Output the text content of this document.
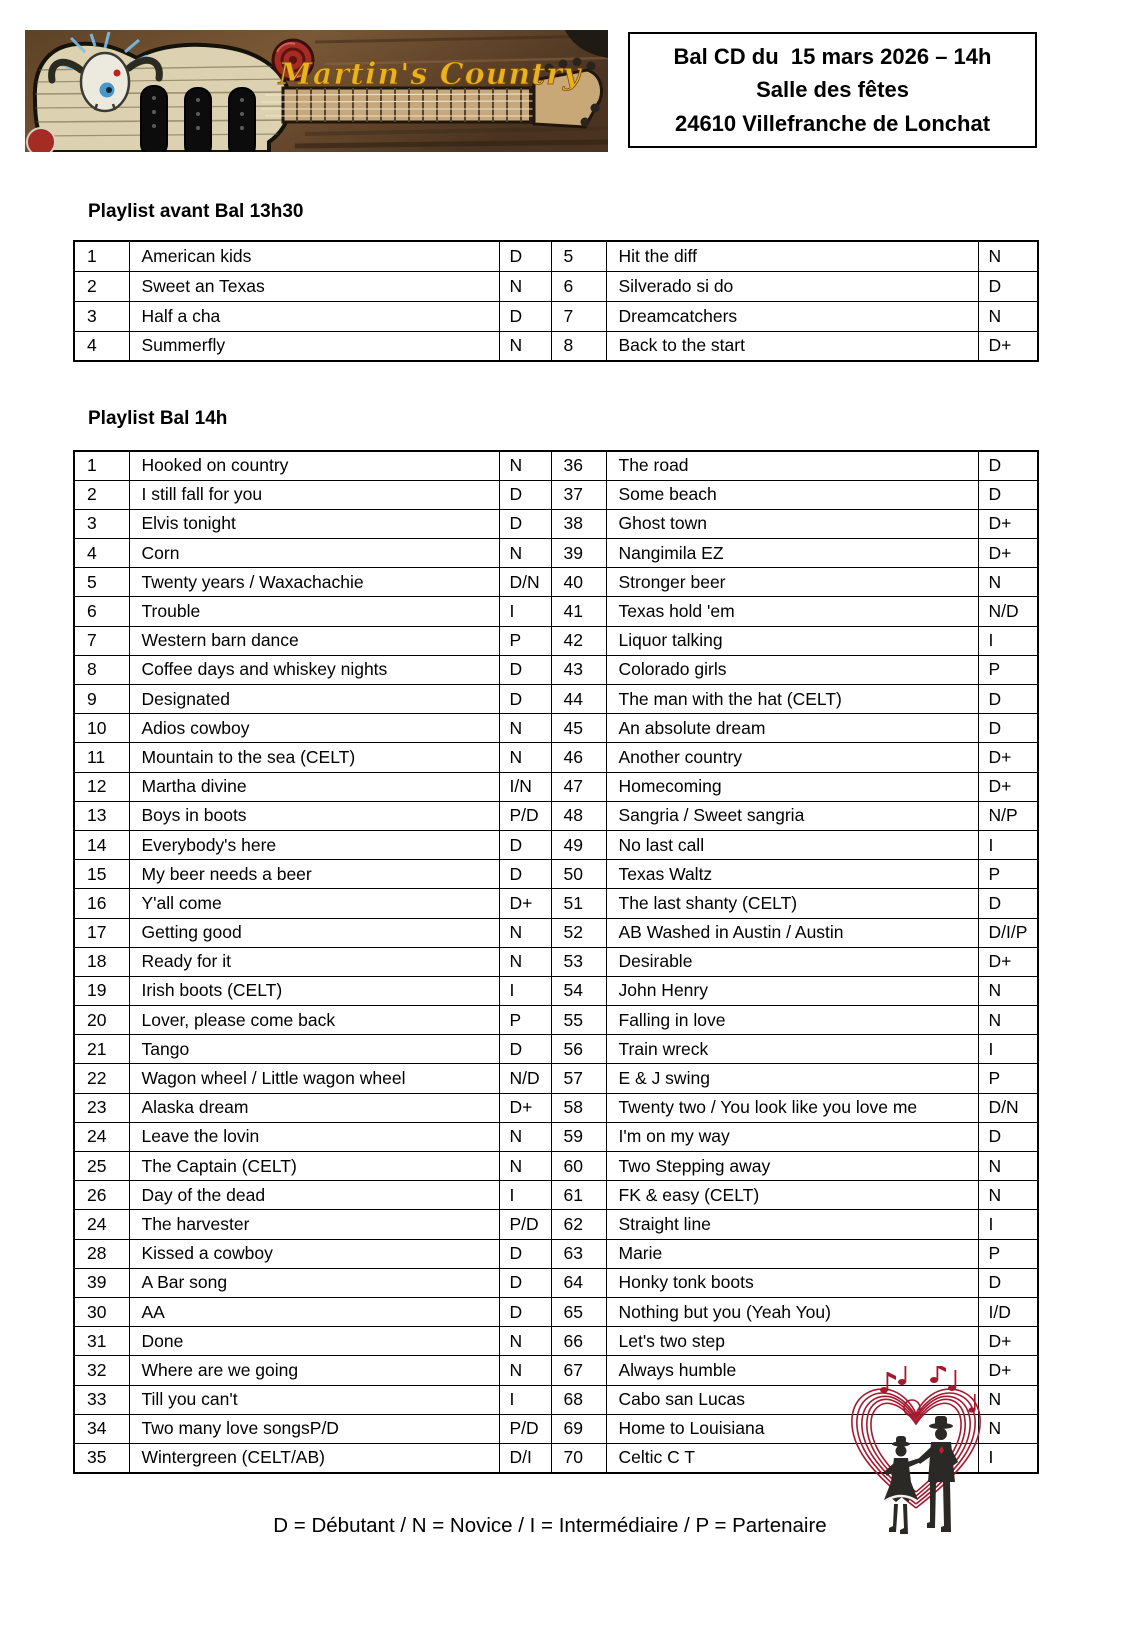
Martin's Country
Bal CD du  15 mars 2026 – 14h
Salle des fêtes
24610 Villefranche de Lonchat
Playlist avant Bal 13h30
1	American kids	D	5	Hit the diff	N
2	Sweet an Texas	N	6	Silverado si do	D
3	Half a cha	D	7	Dreamcatchers	N
4	Summerfly	N	8	Back to the start	D+
Playlist Bal 14h
1	Hooked on country	N	36	The road	D
2	I still fall for you	D	37	Some beach	D
3	Elvis tonight	D	38	Ghost town	D+
4	Corn	N	39	Nangimila EZ	D+
5	Twenty years / Waxachachie	D/N	40	Stronger beer	N
6	Trouble	I	41	Texas hold 'em	N/D
7	Western barn dance	P	42	Liquor talking	I
8	Coffee days and whiskey nights	D	43	Colorado girls	P
9	Designated	D	44	The man with the hat (CELT)	D
10	Adios cowboy	N	45	An absolute dream	D
11	Mountain to the sea (CELT)	N	46	Another country	D+
12	Martha divine	I/N	47	Homecoming	D+
13	Boys in boots	P/D	48	Sangria / Sweet sangria	N/P
14	Everybody's here	D	49	No last call	I
15	My beer needs a beer	D	50	Texas Waltz	P
16	Y'all come	D+	51	The last shanty (CELT)	D
17	Getting good	N	52	AB Washed in Austin / Austin	D/I/P
18	Ready for it	N	53	Desirable	D+
19	Irish boots (CELT)	I	54	John Henry	N
20	Lover, please come back	P	55	Falling in love	N
21	Tango	D	56	Train wreck	I
22	Wagon wheel / Little wagon wheel	N/D	57	E & J swing	P
23	Alaska dream	D+	58	Twenty two / You look like you love me	D/N
24	Leave the lovin	N	59	I'm on my way	D
25	The Captain (CELT)	N	60	Two Stepping away	N
26	Day of the dead	I	61	FK & easy (CELT)	N
24	The harvester	P/D	62	Straight line	I
28	Kissed a cowboy	D	63	Marie	P
39	A Bar song	D	64	Honky tonk boots	D
30	AA	D	65	Nothing but you (Yeah You)	I/D
31	Done	N	66	Let's two step	D+
32	Where are we going	N	67	Always humble	D+
33	Till you can't	I	68	Cabo san Lucas	N
34	Two many love songsP/D	P/D	69	Home to Louisiana	N
35	Wintergreen (CELT/AB)	D/I	70	Celtic C T	I
D = Débutant / N = Novice / I = Intermédiaire / P = Partenaire
